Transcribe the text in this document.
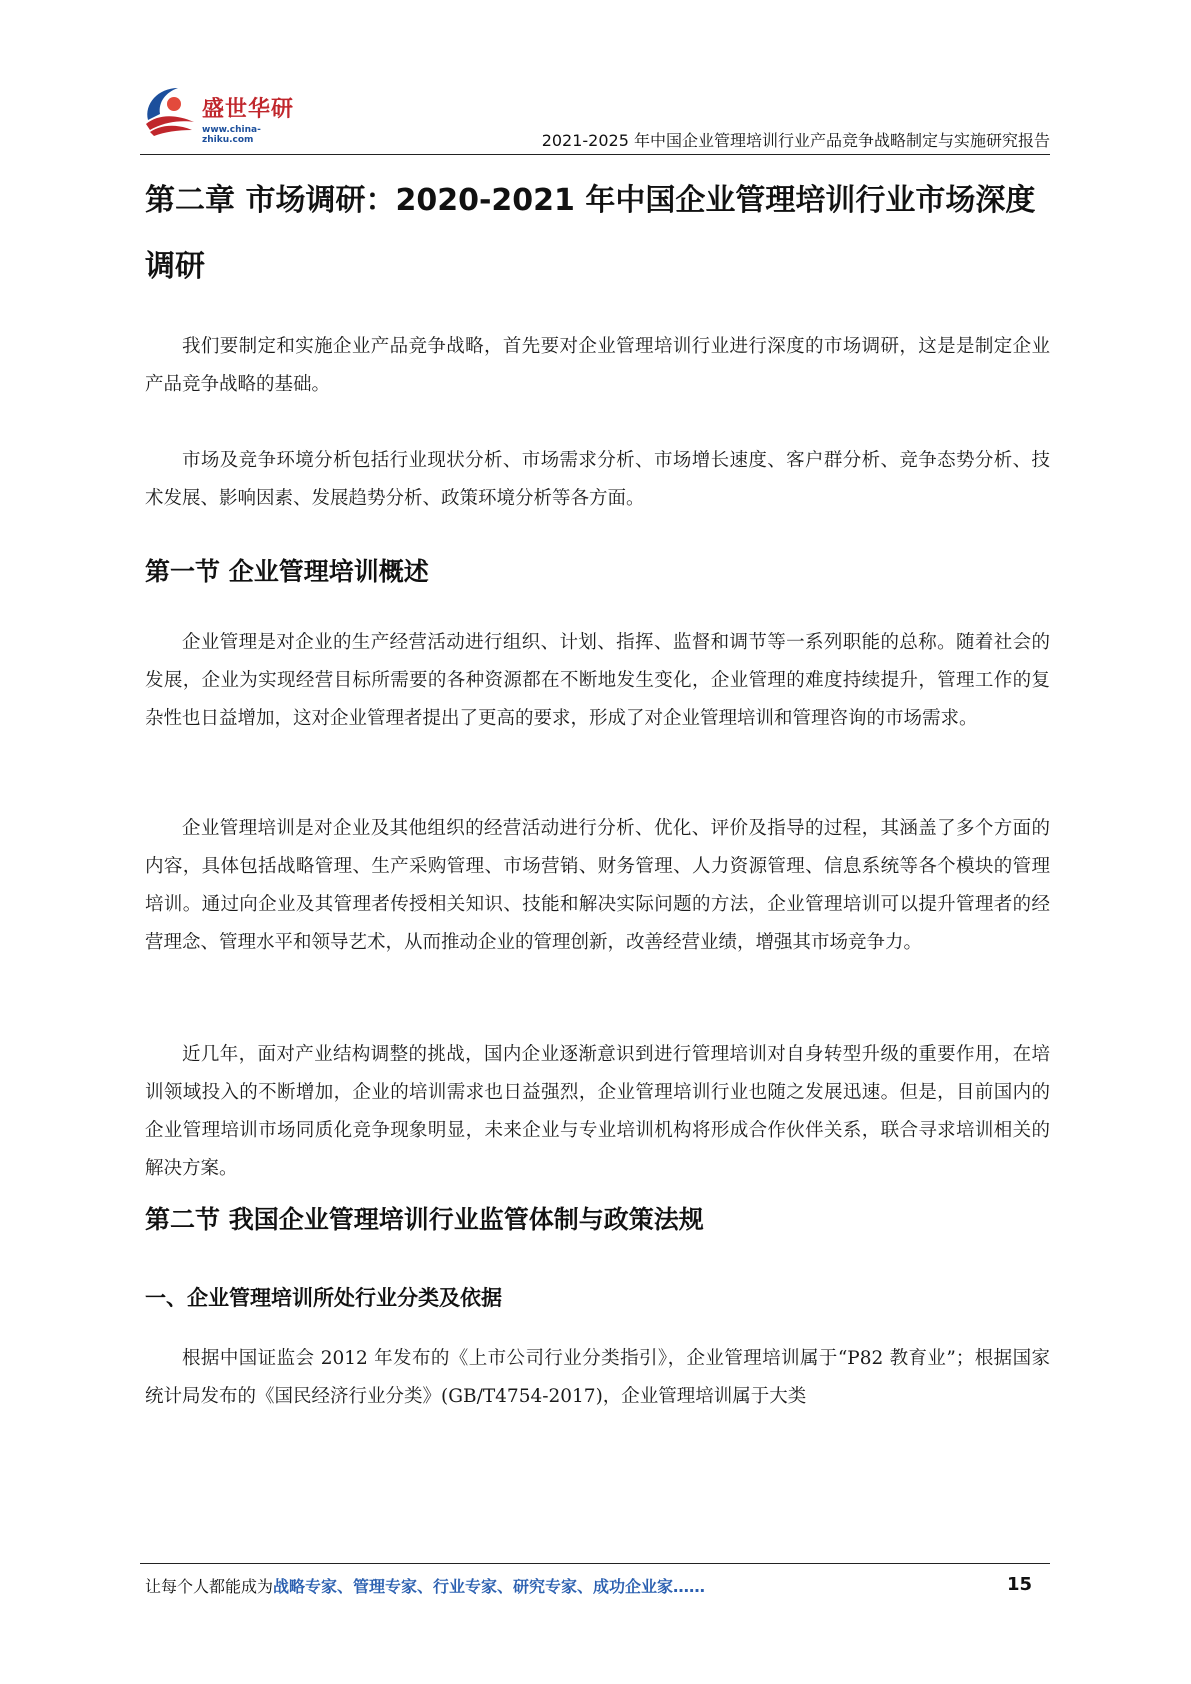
盛世华研
www.china-zhiku.com	2021-2025 年中国企业管理培训行业产品竞争战略制定与实施研究报告
第二章 市场调研：2020-2021 年中国企业管理培训行业市场深度调研

我们要制定和实施企业产品竞争战略，首先要对企业管理培训行业进行深度的市场调研，这是是制定企业产品竞争战略的基础。

市场及竞争环境分析包括行业现状分析、市场需求分析、市场增长速度、客户群分析、竞争态势分析、技术发展、影响因素、发展趋势分析、政策环境分析等各方面。

第一节 企业管理培训概述

企业管理是对企业的生产经营活动进行组织、计划、指挥、监督和调节等一系列职能的总称。随着社会的发展，企业为实现经营目标所需要的各种资源都在不断地发生变化，企业管理的难度持续提升，管理工作的复杂性也日益增加，这对企业管理者提出了更高的要求，形成了对企业管理培训和管理咨询的市场需求。

企业管理培训是对企业及其他组织的经营活动进行分析、优化、评价及指导的过程，其涵盖了多个方面的内容，具体包括战略管理、生产采购管理、市场营销、财务管理、人力资源管理、信息系统等各个模块的管理培训。通过向企业及其管理者传授相关知识、技能和解决实际问题的方法，企业管理培训可以提升管理者的经营理念、管理水平和领导艺术，从而推动企业的管理创新，改善经营业绩，增强其市场竞争力。

近几年，面对产业结构调整的挑战，国内企业逐渐意识到进行管理培训对自身转型升级的重要作用，在培训领域投入的不断增加，企业的培训需求也日益强烈，企业管理培训行业也随之发展迅速。但是，目前国内的企业管理培训市场同质化竞争现象明显，未来企业与专业培训机构将形成合作伙伴关系，联合寻求培训相关的解决方案。

第二节 我国企业管理培训行业监管体制与政策法规
一、企业管理培训所处行业分类及依据

根据中国证监会 2012 年发布的《上市公司行业分类指引》，企业管理培训属于“P82 教育业”；根据国家统计局发布的《国民经济行业分类》(GB/T4754-2017)，企业管理培训属于大类

让每个人都能成为战略专家、管理专家、行业专家、研究专家、成功企业家……	15
